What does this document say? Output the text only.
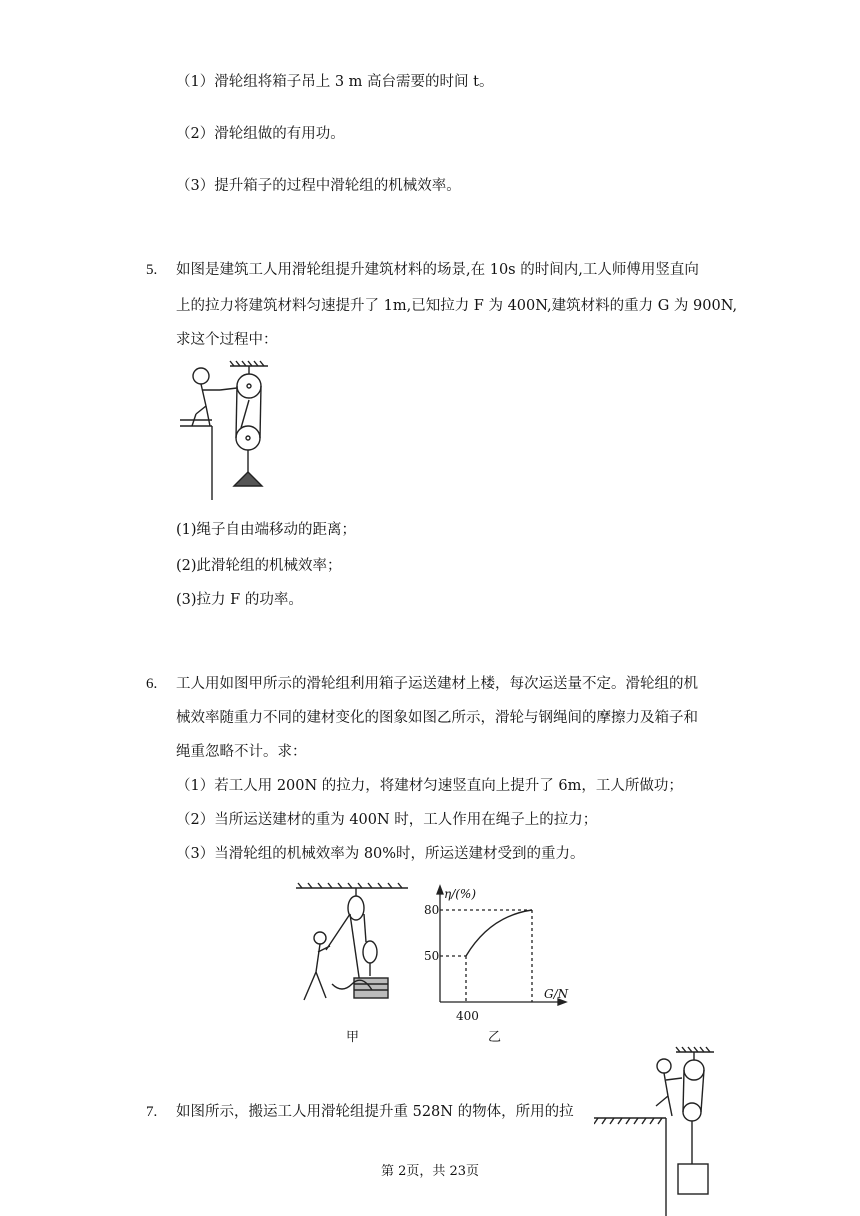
（1）滑轮组将箱子吊上 3 m 高台需要的时间 t。
（2）滑轮组做的有用功。
（3）提升箱子的过程中滑轮组的机械效率。
5. 如图是建筑工人用滑轮组提升建筑材料的场景,在 10s 的时间内,工人师傅用竖直向
上的拉力将建筑材料匀速提升了 1m,已知拉力 F 为 400N,建筑材料的重力 G 为 900N,
求这个过程中：
(1)绳子自由端移动的距离；
(2)此滑轮组的机械效率；
(3)拉力 F 的功率。
6. 工人用如图甲所示的滑轮组利用箱子运送建材上楼，每次运送量不定。滑轮组的机
械效率随重力不同的建材变化的图象如图乙所示，滑轮与钢绳间的摩擦力及箱子和
绳重忽略不计。求：
（1）若工人用 200N 的拉力，将建材匀速竖直向上提升了 6m，工人所做功；
（2）当所运送建材的重为 400N 时，工人作用在绳子上的拉力；
（3）当滑轮组的机械效率为 80%时，所运送建材受到的重力。
甲
η/(%)
80
50
G/N
400
乙
7. 如图所示，搬运工人用滑轮组提升重 528N 的物体，所用的拉
第 2页，共 23页
